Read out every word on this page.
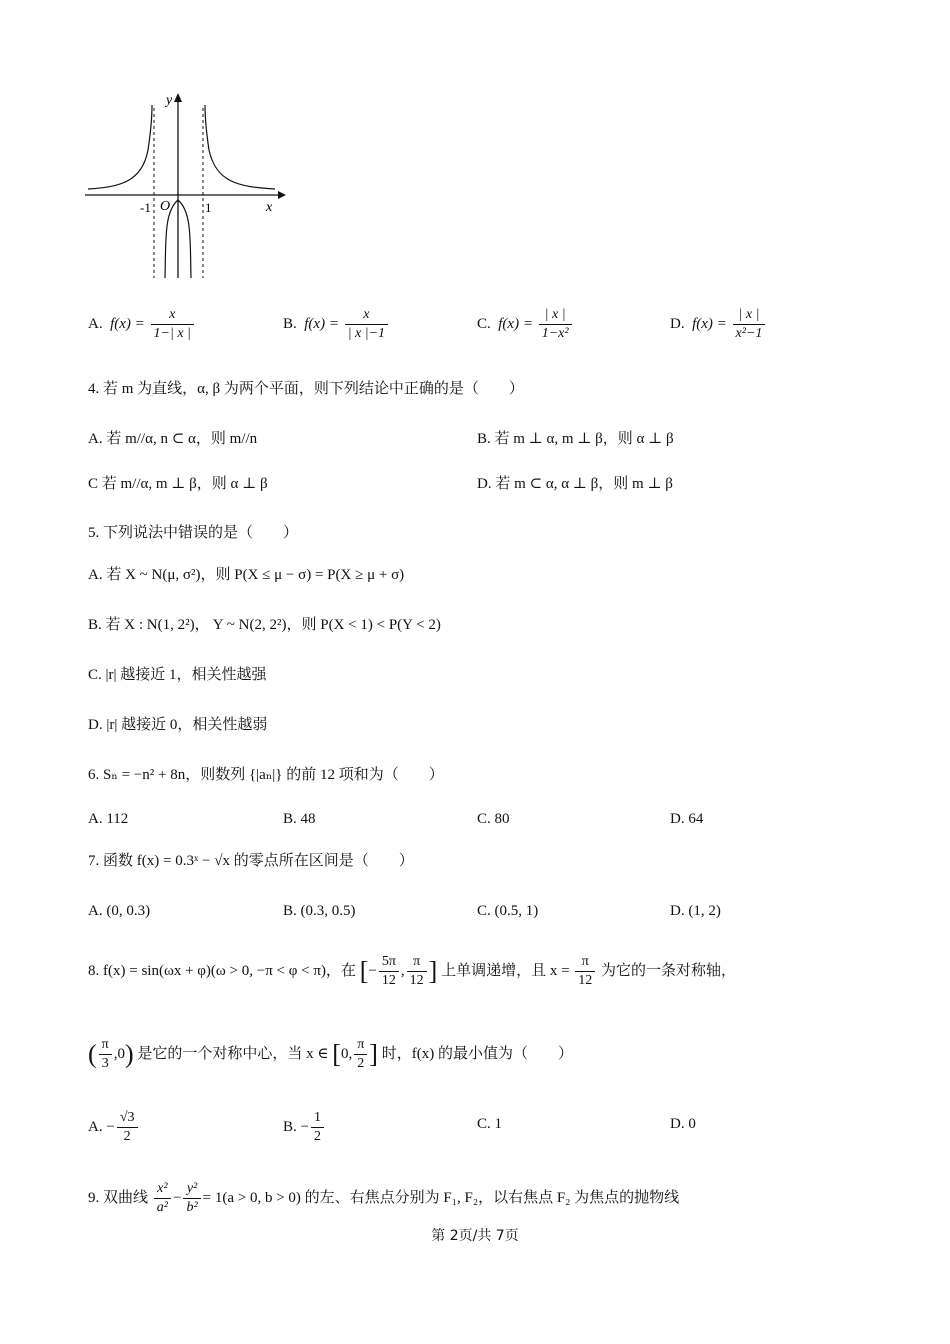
y
x
O
-1	1
A. $f(x) = \frac{x}{1-| x |}$	B. $f(x) = \frac{x}{| x |-1}$	C. $f(x) = \frac{| x |}{\text{1−x²}}$	D. $f(x) = \frac{| x |}{\text{x²−1}}$
4. 若 m 为直线，α, β 为两个平面，则下列结论中正确的是（　　）
A. 若 m//α, n ⊂ α，则 m//n	B. 若 m ⊥ α, m ⊥ β，则 α ⊥ β
C 若 m//α, m ⊥ β，则 α ⊥ β	D. 若 m ⊂ α, α ⊥ β，则 m ⊥ β
5. 下列说法中错误的是（　　）
A. 若 X ~ N(μ, σ²)，则 P(X ≤ μ − σ) = P(X ≥ μ + σ)
B. 若 X : N(1, 2²)， Y ~ N(2, 2²)，则 P(X < 1) < P(Y < 2)
C. |r| 越接近 1，相关性越强
D. |r| 越接近 0，相关性越弱
6. Sₙ = −n² + 8n，则数列 {|aₙ|} 的前 12 项和为（　　）
A. 112	B. 48	C. 80	D. 64
7. 函数 f(x) = 0.3ˣ − √x 的零点所在区间是（　　）
A. (0, 0.3)	B. (0.3, 0.5)	C. (0.5, 1)	D. (1, 2)
8. f(x) = sin(ωx + φ)(ω > 0, −π < φ < π)，在 [− $\frac{5\pi}{12}$ , $\frac{\pi}{12}$ ] 上单调递增，且 $x = \frac{\pi}{12}$ 为它的一条对称轴，
( $\frac{\pi}{3} ,0$) 是它的一个对称中心，当 x ∈ [0, $\frac{\pi}{2}$ ] 时，f(x) 的最小值为（　　）
A. − $\frac{√3}{2}$	B. − $\frac{1}{2}$	C. 1	D. 0
9. 双曲线 $\frac{\text{x²}}{\text{a²}} - \frac{\text{y²}}{\text{b²}} = 1(a > 0$, b > 0) 的左、右焦点分别为 F₁, F₂，以右焦点 F₂ 为焦点的抛物线
第 2页/共 7页
